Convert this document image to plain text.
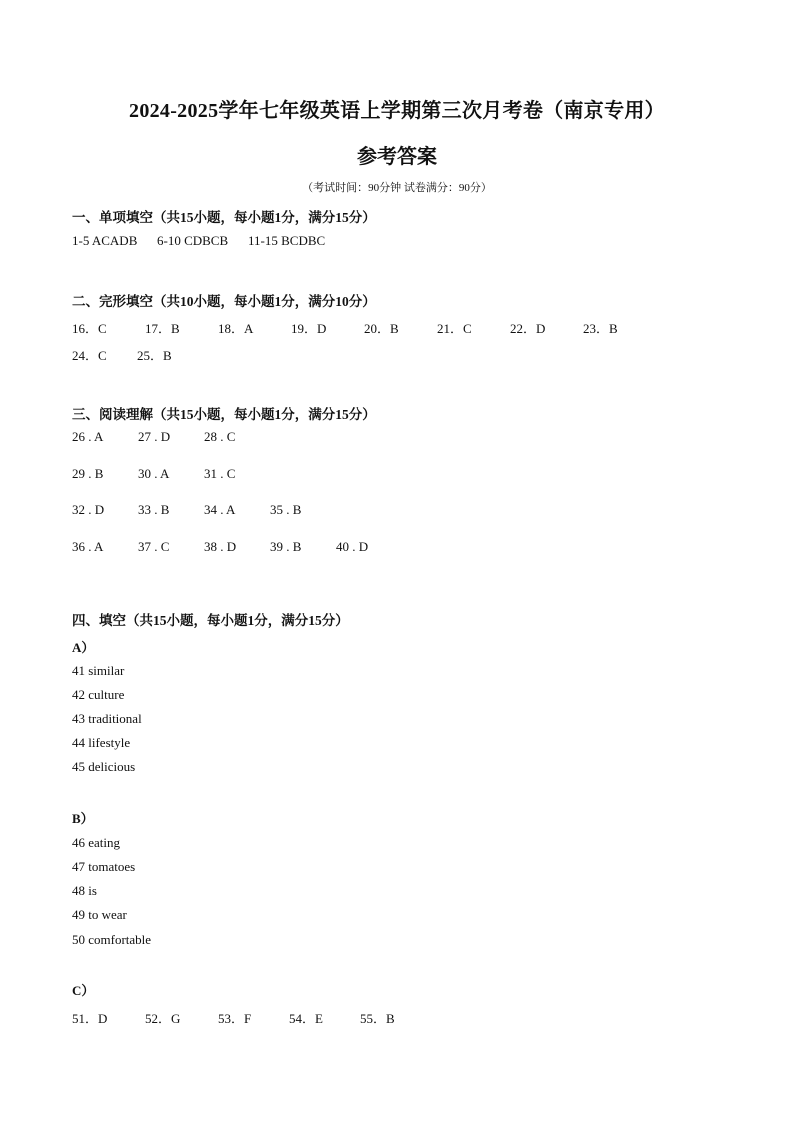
2024-2025学年七年级英语上学期第三次月考卷（南京专用）
参考答案
（考试时间：90分钟 试卷满分：90分）
一、单项填空（共15小题，每小题1分，满分15分）
1-5 ACADB 6-10 CDBCB 11-15 BCDBC
二、完形填空（共10小题，每小题1分，满分10分）
16．C	17．B	18．A	19．D	20．B	21．C	22．D	23．B
24．C 25．B
三、阅读理解（共15小题，每小题1分，满分15分）
26 . A	27 . D	28 . C
29 . B	30 . A	31 . C
32 . D	33 . B	34 . A	35 . B
36 . A	37 . C	38 . D	39 . B	40 . D
四、填空（共15小题，每小题1分，满分15分）
A）
41 similar
42 culture
43 traditional
44 lifestyle
45 delicious
B）
46 eating
47 tomatoes
48 is
49 to wear
50 comfortable
C）
51．D	52．G	53．F	54．E	55．B
